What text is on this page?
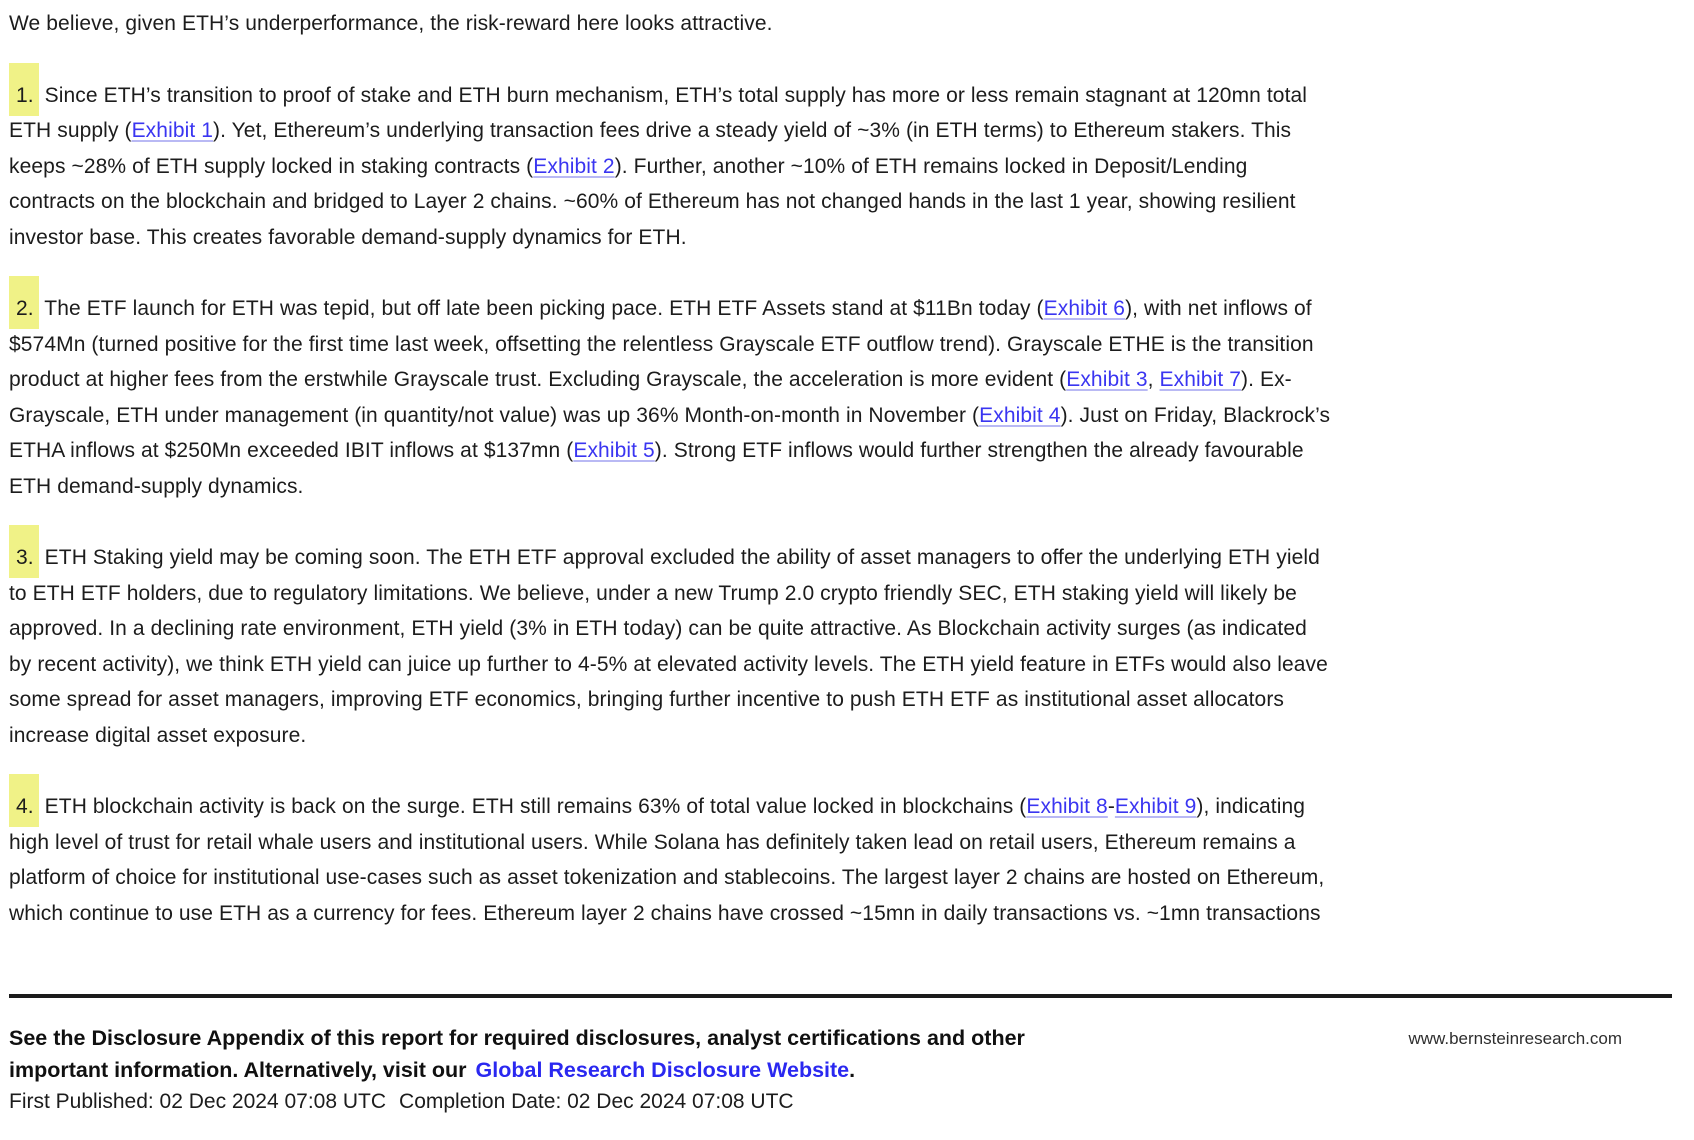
We believe, given ETH’s underperformance, the risk-reward here looks attractive.
1. Since ETH’s transition to proof of stake and ETH burn mechanism, ETH’s total supply has more or less remain stagnant at 120mn total
ETH supply (Exhibit 1). Yet, Ethereum’s underlying transaction fees drive a steady yield of ~3% (in ETH terms) to Ethereum stakers. This
keeps ~28% of ETH supply locked in staking contracts (Exhibit 2). Further, another ~10% of ETH remains locked in Deposit/Lending
contracts on the blockchain and bridged to Layer 2 chains. ~60% of Ethereum has not changed hands in the last 1 year, showing resilient
investor base. This creates favorable demand-supply dynamics for ETH.
2. The ETF launch for ETH was tepid, but off late been picking pace. ETH ETF Assets stand at $11Bn today (Exhibit 6), with net inflows of
$574Mn (turned positive for the first time last week, offsetting the relentless Grayscale ETF outflow trend). Grayscale ETHE is the transition
product at higher fees from the erstwhile Grayscale trust. Excluding Grayscale, the acceleration is more evident (Exhibit 3, Exhibit 7). Ex-
Grayscale, ETH under management (in quantity/not value) was up 36% Month-on-month in November (Exhibit 4). Just on Friday, Blackrock’s
ETHA inflows at $250Mn exceeded IBIT inflows at $137mn (Exhibit 5). Strong ETF inflows would further strengthen the already favourable
ETH demand-supply dynamics.
3. ETH Staking yield may be coming soon. The ETH ETF approval excluded the ability of asset managers to offer the underlying ETH yield
to ETH ETF holders, due to regulatory limitations. We believe, under a new Trump 2.0 crypto friendly SEC, ETH staking yield will likely be
approved. In a declining rate environment, ETH yield (3% in ETH today) can be quite attractive. As Blockchain activity surges (as indicated
by recent activity), we think ETH yield can juice up further to 4-5% at elevated activity levels. The ETH yield feature in ETFs would also leave
some spread for asset managers, improving ETF economics, bringing further incentive to push ETH ETF as institutional asset allocators
increase digital asset exposure.
4. ETH blockchain activity is back on the surge. ETH still remains 63% of total value locked in blockchains (Exhibit 8-Exhibit 9), indicating
high level of trust for retail whale users and institutional users. While Solana has definitely taken lead on retail users, Ethereum remains a
platform of choice for institutional use-cases such as asset tokenization and stablecoins. The largest layer 2 chains are hosted on Ethereum,
which continue to use ETH as a currency for fees. Ethereum layer 2 chains have crossed ~15mn in daily transactions vs. ~1mn transactions
See the Disclosure Appendix of this report for required disclosures, analyst certifications and other
important information. Alternatively, visit our Global Research Disclosure Website.
First Published: 02 Dec 2024 07:08 UTC Completion Date: 02 Dec 2024 07:08 UTC
www.bernsteinresearch.com
